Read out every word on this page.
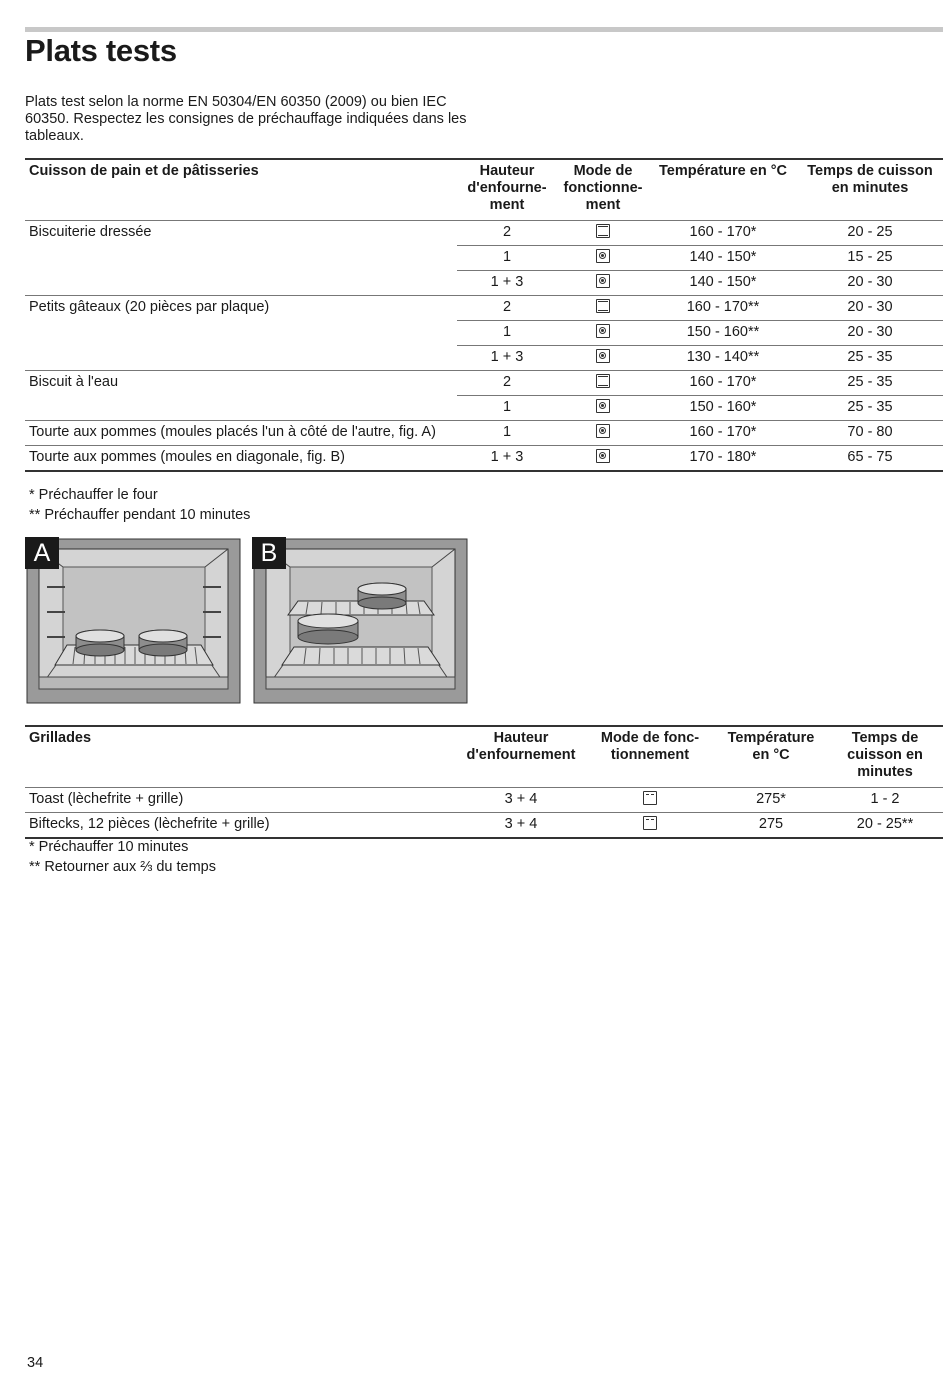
Plats tests

Plats test selon la norme EN 50304/EN 60350 (2009) ou bien IEC 60350. Respectez les consignes de préchauffage indiquées dans les tableaux.

Cuisson de pain et de pâtisseries	Hauteur d'enfourne-ment	Mode de fonctionne-ment	Température en °C	Temps de cuisson en minutes
Biscuiterie dressée	2		160 - 170*	20 - 25
	1		140 - 150*	15 - 25
	1 + 3		140 - 150*	20 - 30
Petits gâteaux (20 pièces par plaque)	2		160 - 170**	20 - 30
	1		150 - 160**	20 - 30
	1 + 3		130 - 140**	25 - 35
Biscuit à l'eau	2		160 - 170*	25 - 35
	1		150 - 160*	25 - 35
Tourte aux pommes (moules placés l'un à côté de l'autre, fig. A)	1		160 - 170*	70 - 80
Tourte aux pommes (moules en diagonale, fig. B)	1 + 3		170 - 180*	65 - 75
* Préchauffer le four
** Préchauffer pendant 10 minutes
A	B
Grillades	Hauteur d'enfournement	Mode de fonc-tionnement	Température en °C	Temps de cuisson en minutes
Toast (lèchefrite + grille)	3 + 4		275*	1 - 2
Biftecks, 12 pièces (lèchefrite + grille)	3 + 4		275	20 - 25**
* Préchauffer 10 minutes
** Retourner aux ⅔ du temps
34
